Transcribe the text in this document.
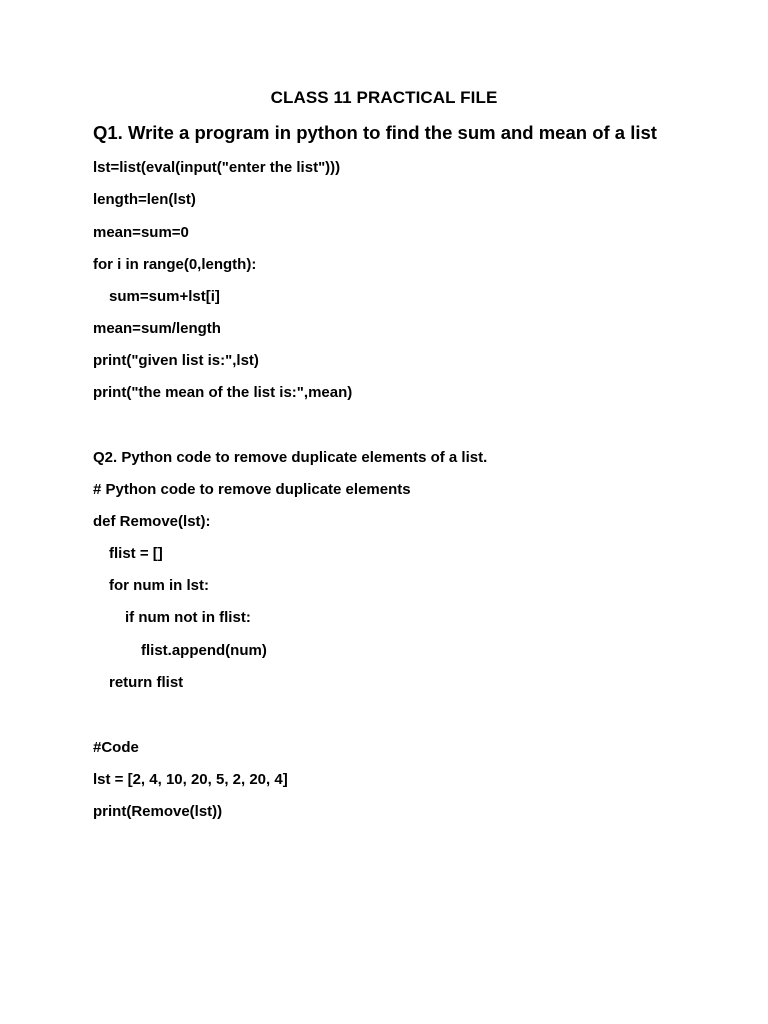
CLASS 11 PRACTICAL FILE
Q1. Write a program in python to find the sum and mean of a list
lst=list(eval(input("enter the list")))
length=len(lst)
mean=sum=0
for i in range(0,length):
sum=sum+lst[i]
mean=sum/length
print("given list is:",lst)
print("the mean of the list is:",mean)
Q2. Python code to remove duplicate elements of a list.
# Python code to remove duplicate elements
def Remove(lst):
flist = []
for num in lst:
if num not in flist:
flist.append(num)
return flist
#Code
lst = [2, 4, 10, 20, 5, 2, 20, 4]
print(Remove(lst))
